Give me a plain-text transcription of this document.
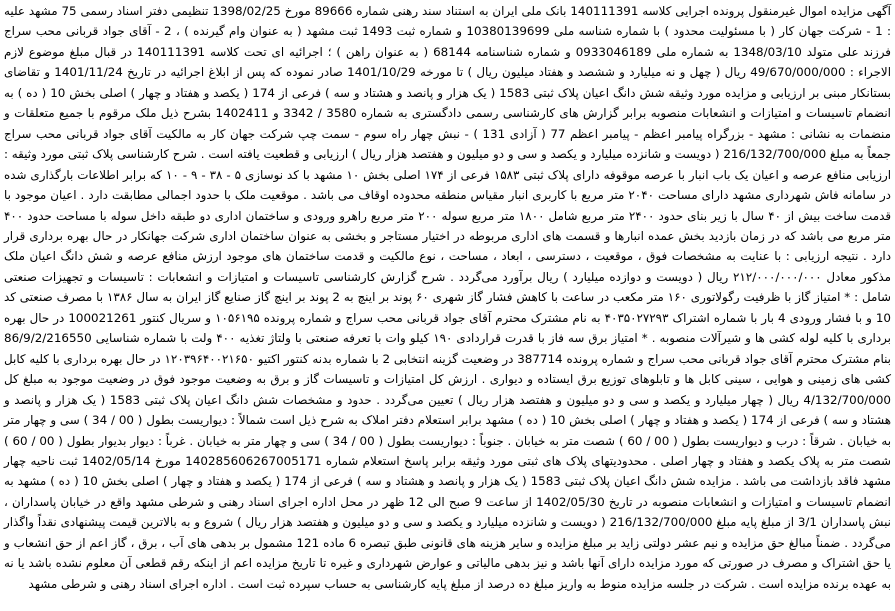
آگهی مزایده اموال غیرمنقول پرونده اجرایی کلاسه 140111391 بانک ملی ایران به استناد سند رهنی شماره 89666 مورخ 1398/02/25 تنظیمی دفتر اسناد رسمی 75 مشهد علیه : 1 - شرکت جهان کار ( با مسئولیت محدود ) با شماره شناسه ملی 10380139699 و شماره ثبت 1493 ثبت مشهد ( به عنوان وام گیرنده ) ، 2 - آقای جواد قربانی محب سراج فرزند علی متولد 1348/03/10 به شماره ملی 0933046189 و شماره شناسنامه 68144 ( به عنوان راهن ) ؛ اجرائیه ای تحت کلاسه 140111391 در قبال مبلغ موضوع لازم الاجراء : 49/670/000/000 ریال ( چهل و نه میلیارد و ششصد و هفتاد میلیون ریال ) تا مورخه 1401/10/29 صادر نموده که پس از ابلاغ اجرائیه در تاریخ 1401/11/24 و تقاضای بستانکار مبنی بر ارزیابی و مزایده مورد وثیقه شش دانگ اعیان پلاک ثبتی 1583 ( یک هزار و پانصد و هشتاد و سه ) فرعی از 174 ( یکصد و هفتاد و چهار ) اصلی بخش 10 ( ده ) به انضمام تاسیسات و امتیازات و انشعابات منصوبه برابر گزارش های کارشناسی رسمی دادگستری به شماره 3580 / 3342 و 1402411 بشرح ذیل ملک مرقوم با جمیع متعلقات و منضمات به نشانی : مشهد - بزرگراه پیامبر اعظم - پیامبر اعظم 77 ( آزادی 131 ) - نبش چهار راه سوم - سمت چپ شرکت جهان کار به مالکیت آقای جواد قربانی محب سراج جمعاً به مبلغ 216/132/700/000 ( دویست و شانزده میلیارد و یکصد و سی و دو میلیون و هفتصد هزار ریال ) ارزیابی و قطعیت یافته است . شرح کارشناسی پلاک ثبتی مورد وثیقه : ارزیابی منافع عرصه و اعیان یک باب انبار با عرصه موقوفه دارای پلاک ثبتی ۱۵۸۳ فرعی از ۱۷۴ اصلی بخش ۱۰ مشهد با کد نوسازی ۵ - ۳۸ - ۹ - ۱۰ که برابر اطلاعات بارگذاری شده در سامانه فاش شهرداری مشهد دارای مساحت ۲۰۴۰ متر مربع با کاربری انبار مقیاس منطقه محدوده اوقاف می باشد . موقعیت ملک با حدود اجمالی مطابقت دارد . اعیان موجود با قدمت ساخت بیش از ۴۰ سال با زیر بنای حدود ۲۴۰۰ متر مربع شامل ۱۸۰۰ متر مربع سوله ۲۰۰ متر مربع راهرو ورودی و ساختمان اداری دو طبقه داخل سوله با مساحت حدود ۴۰۰ متر مربع می باشد که در زمان بازدید بخش عمده انبارها و قسمت های اداری مربوطه در اختیار مستاجر و بخشی به عنوان ساختمان اداری شرکت جهانکار در حال بهره برداری قرار دارد . نتیجه ارزیابی : با عنایت به مشخصات فوق ، موقعیت ، دسترسی ، ابعاد ، مساحت ، نوع مالکیت و قدمت ساختمان های موجود ارزش منافع عرصه و شش دانگ اعیان ملک مذکور معادل ۲۱۲/۰۰۰/۰۰۰/۰۰۰ ریال ( دویست و دوازده میلیارد ) ریال برآورد می‌گردد . شرح گزارش کارشناسی تاسیسات و امتیازات و انشعابات : تاسیسات و تجهیزات صنعتی شامل : * امتیاز گاز با ظرفیت رگولاتوری ۱۶۰ متر مکعب در ساعت با کاهش فشار گاز شهری ۶۰ پوند بر اینچ به 2 پوند بر اینچ گاز صنایع گاز ایران به سال ۱۳۸۶ با مصرف صنعتی کد 10 و با فشار ورودی 4 بار با شماره اشتراک ۴۰۳۵۰۲۷۲۹۳ به نام مشترک محترم آقای جواد قربانی محب سراج و شماره پرونده ۱۰۵۶۱۹۵ و سریال کنتور 100021261 در حال بهره برداری با کلیه لوله کشی ها و شیرآلات منصوبه . * امتیاز برق سه فاز با قدرت قراردادی ۱۹۰ کیلو وات با تعرفه صنعتی با ولتاژ تغذیه ۴۰۰ ولت با شماره شناسایی 86/9/2/216550 بنام مشترک محترم آقای جواد قربانی محب سراج و شماره پرونده 387714 در وضعیت گزینه انتخابی 2 با شماره بدنه کنتور اکتیو ۱۲۰۳۹۶۴۰۰۲۱۶۵۰ در حال بهره برداری با کلیه کابل کشی های زمینی و هوایی ، سینی کابل ها و تابلوهای توزیع برق ایستاده و دیواری . ارزش کل امتیازات و تاسیسات گاز و برق به وضعیت موجود فوق در وضعیت موجود به مبلغ کل 4/132/700/000 ریال ( چهار میلیارد و یکصد و سی و دو میلیون و هفتصد هزار ریال ) تعیین می‌گردد . حدود و مشخصات شش دانگ اعیان پلاک ثبتی 1583 ( یک هزار و پانصد و هشتاد و سه ) فرعی از 174 ( یکصد و هفتاد و چهار ) اصلی بخش 10 ( ده ) مشهد برابر استعلام دفتر املاک به شرح ذیل است شمالاً : دیواریست بطول ( 00 / 34 ) سی و چهار متر به خیابان . شرقاً : درب و دیواریست بطول ( 00 / 60 ) شصت متر به خیابان . جنوباً : دیواریست بطول ( 00 / 34 ) سی و چهار متر به خیابان . غرباً : دیوار بدیوار بطول ( 00 / 60 ) شصت متر به پلاک یکصد و هفتاد و چهار اصلی . محدودیتهای پلاک های ثبتی مورد وثیقه برابر پاسخ استعلام شماره 140285606267005171 مورخ 1402/05/14 ثبت ناحیه چهار مشهد فاقد بازداشت می باشد . مزایده شش دانگ اعیان پلاک ثبتی 1583 ( یک هزار و پانصد و هشتاد و سه ) فرعی از 174 ( یکصد و هفتاد و چهار ) اصلی بخش 10 ( ده ) مشهد به انضمام تاسیسات و امتیازات و انشعابات منصوبه در تاریخ 1402/05/30 از ساعت 9 صبح الی 12 ظهر در محل اداره اجرای اسناد رهنی و شرطی مشهد واقع در خیابان پاسداران ، نبش پاسداران 3/1 از مبلغ پایه مبلغ 216/132/700/000 ( دویست و شانزده میلیارد و یکصد و سی و دو میلیون و هفتصد هزار ریال ) شروع و به بالاترین قیمت پیشنهادی نقداً واگذار می‌گردد . ضمناً مبالغ حق مزایده و نیم عشر دولتی زاید بر مبلغ مزایده و سایر هزینه های قانونی طبق تبصره 6 ماده 121 مشمول بر بدهی های آب ، برق ، گاز اعم از حق انشعاب و یا حق اشتراک و مصرف در صورتی که مورد مزایده دارای آنها باشد و نیز بدهی مالیاتی و عوارض شهرداری و غیره تا تاریخ مزایده اعم از اینکه رقم قطعی آن معلوم نشده باشد یا نه به عهده برنده مزایده است . شرکت در جلسه مزایده منوط به واریز مبلغ ده درصد از مبلغ پایه کارشناسی به حساب سپرده ثبت است . اداره اجرای اسناد رهنی و شرطی مشهد
